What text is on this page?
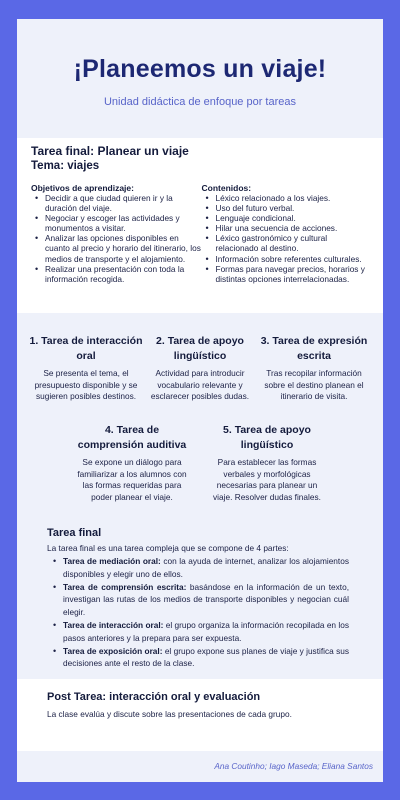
¡Planeemos un viaje!
Unidad didáctica de enfoque por tareas
Tarea final: Planear un viaje
Tema: viajes
Objetivos de aprendizaje:
• Decidir a que ciudad quieren ir y la duración del viaje.
• Negociar y escoger las actividades y monumentos a visitar.
• Analizar las opciones disponibles en cuanto al precio y horario del itinerario, los medios de transporte y el alojamiento.
• Realizar una presentación con toda la información recogida.
Contenidos:
• Léxico relacionado a los viajes.
• Uso del futuro verbal.
• Lenguaje condicional.
• Hilar una secuencia de acciones.
• Léxico gastronómico y cultural relacionado al destino.
• Información sobre referentes culturales.
• Formas para navegar precios, horarios y distintas opciones interrelacionadas.
1. Tarea de interacción oral
Se presenta el tema, el presupuesto disponible y se sugieren posibles destinos.
2. Tarea de apoyo lingüístico
Actividad para introducir vocabulario relevante y esclarecer posibles dudas.
3. Tarea de expresión escrita
Tras recopilar información sobre el destino planean el itinerario de visita.
4. Tarea de comprensión auditiva
Se expone un diálogo para familiarizar a los alumnos con las formas requeridas para poder planear el viaje.
5. Tarea de apoyo lingüístico
Para establecer las formas verbales y morfológicas necesarias para planear un viaje. Resolver dudas finales.
Tarea final
La tarea final es una tarea compleja que se compone de 4 partes:
• Tarea de mediación oral: con la ayuda de internet, analizar los alojamientos disponibles y elegir uno de ellos.
• Tarea de comprensión escrita: basándose en la información de un texto, investigan las rutas de los medios de transporte disponibles y negocian cuál elegir.
• Tarea de interacción oral: el grupo organiza la información recopilada en los pasos anteriores y la prepara para ser expuesta.
• Tarea de exposición oral: el grupo expone sus planes de viaje y justifica sus decisiones ante el resto de la clase.
Post Tarea: interacción oral y evaluación
La clase evalúa y discute sobre las presentaciones de cada grupo.
Ana Coutinho; Iago Maseda; Eliana Santos
